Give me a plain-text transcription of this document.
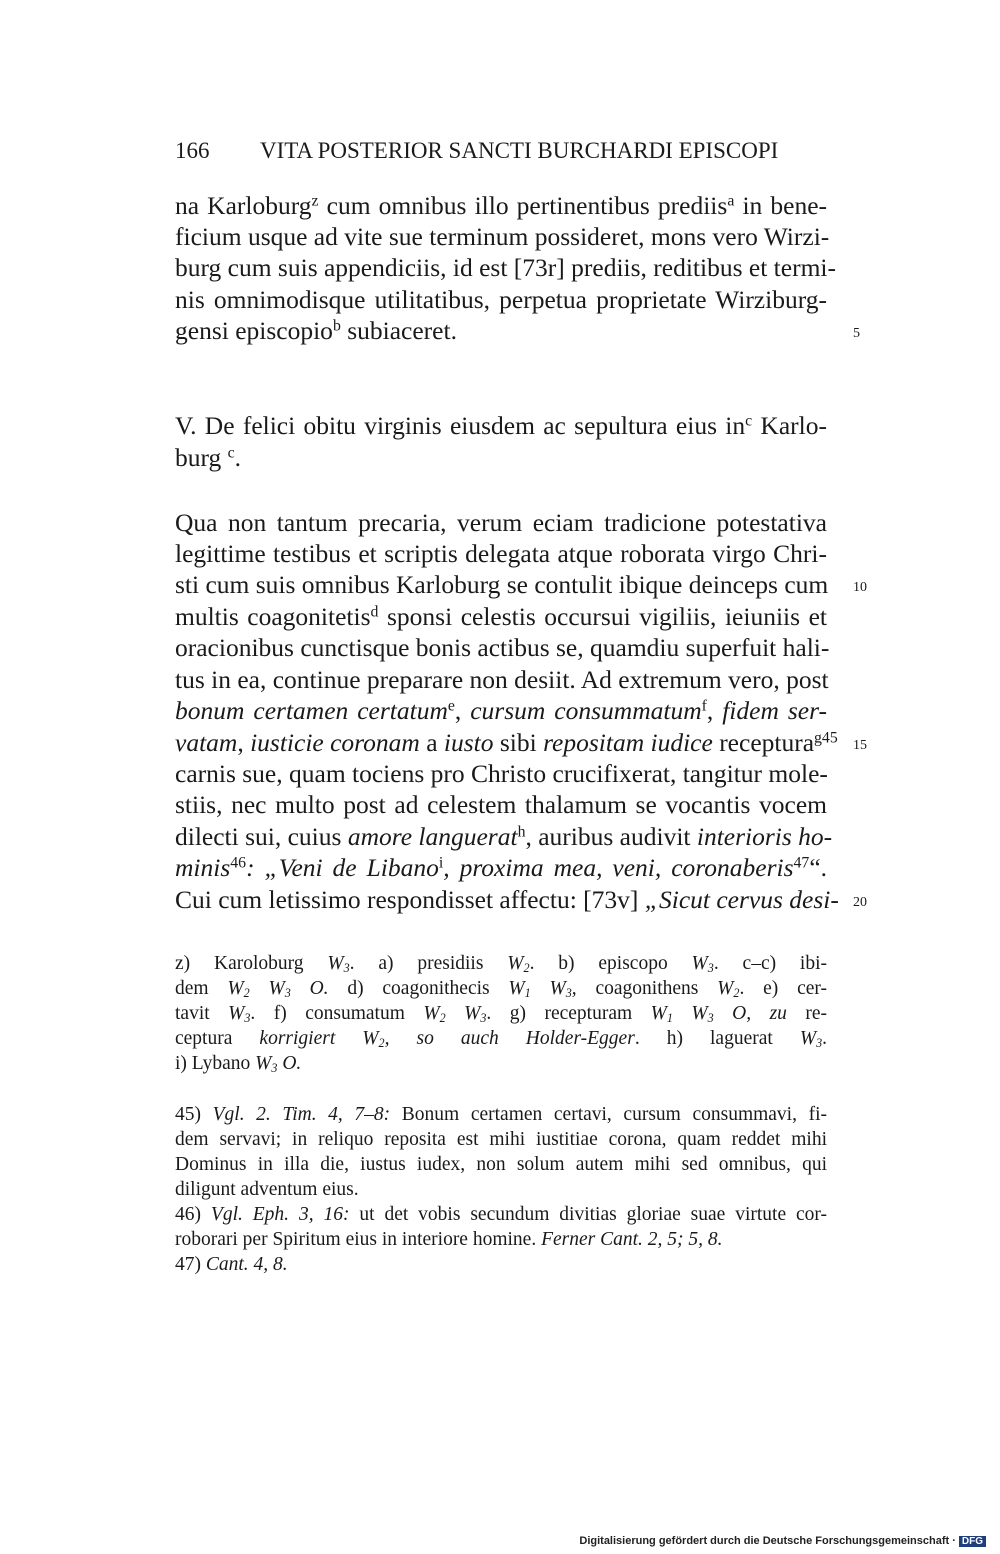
166 VITA POSTERIOR SANCTI BURCHARDI EPISCOPI
na Karloburg$^z$ cum omnibus illo pertinentibus prediis$^a$ in bene-
ficium usque ad vite sue terminum possideret, mons vero Wirzi-
burg cum suis appendiciis, id est [73r] prediis, reditibus et termi-
nis omnimodisque utilitatibus, perpetua proprietate Wirziburg-
gensi episcopio$^b$ subiaceret.
V. De felici obitu virginis eiusdem ac sepultura eius $in^c$ Karlo-
burg $^c$.
Qua non tantum precaria, verum eciam tradicione potestativa
legittime testibus et scriptis delegata atque roborata virgo Chri-
sti cum suis omnibus Karloburg se contulit ibique deinceps cum
multis coagonitetis$^d$ sponsi celestis occursui vigiliis, ieiuniis et
oracionibus cunctisque bonis actibus se, quamdiu superfuit hali-
tus in ea, continue preparare non desiit. Ad extremum vero, post
bonum certamen certatum$^e$, cursum consummatum$^f$, fidem ser-
vatam, iusticie coronam a iusto sibi repositam iudice receptura$^{g45}$
carnis sue, quam tociens pro Christo crucifixerat, tangitur mole-
stiis, nec multo post ad celestem thalamum se vocantis vocem
dilecti sui, cuius amore languerat$^h$, auribus audivit interioris ho-
minis$^{46}$: „Veni de Libano$^i$, proxima mea, veni, coronaberis$^{47}$“.
Cui cum letissimo respondisset affectu: [73v] „Sicut cervus desi-
5
10
15
20
z) Karoloburg $W_3$. a) presidiis $W_2$. b) episcopo $W_3$. c–c) ibi-
dem $W_2$ $W_3$ O. d) coagonithecis $W_1$ $W_3$, coagonithens $W_2$. e) cer-
tavit $W_3$. f) consumatum $W_2$ $W_3$. g) recepturam $W_1$ $W_3$ O, zu re-
ceptura korrigiert $W_2$, so auch Holder-Egger. h) laguerat $W_3$.
i) Lybano $W_3$ O.
45) Vgl. 2. Tim. 4, 7–8: Bonum certamen certavi, cursum consummavi, fi-
dem servavi; in reliquo reposita est mihi iustitiae corona, quam reddet mihi
Dominus in illa die, iustus iudex, non solum autem mihi sed omnibus, qui
diligunt adventum eius.
46) Vgl. Eph. 3, 16: ut det vobis secundum divitias gloriae suae virtute cor-
roborari per Spiritum eius in interiore homine. Ferner Cant. 2, 5; 5, 8.
47) Cant. 4, 8.
Digitalisierung gefördert durch die Deutsche Forschungsgemeinschaft · DFG
